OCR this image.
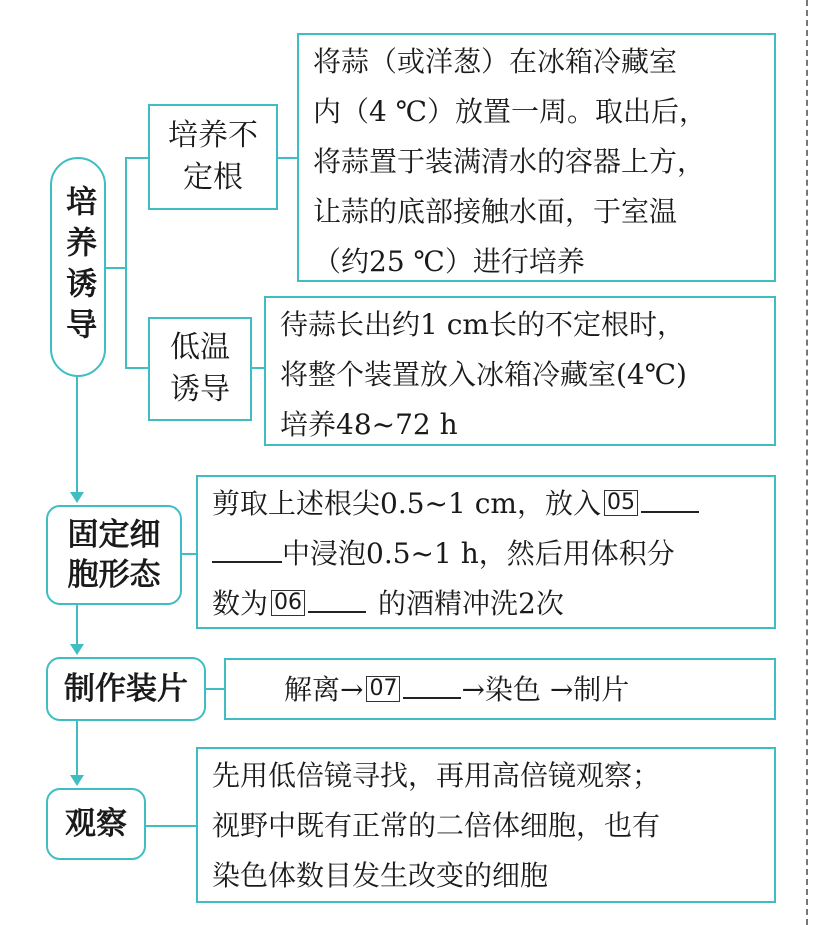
培养诱导
固定细胞形态
制作装片
观察
培养不定根
低温诱导
将蒜（或洋葱）在冰箱冷藏室
内（4 ℃）放置一周。取出后，
将蒜置于装满清水的容器上方，
让蒜的底部接触水面，于室温
（约25 ℃）进行培养
待蒜长出约1 cm长的不定根时，
将整个装置放入冰箱冷藏室(4℃)
培养48~72 h
剪取上述根尖0.5~1 cm，放入 05
中浸泡0.5~1 h，然后用体积分
数为 06	的酒精冲洗2次
解离→ 07 →染色 →制片
先用低倍镜寻找，再用高倍镜观察；
视野中既有正常的二倍体细胞，也有
染色体数目发生改变的细胞
